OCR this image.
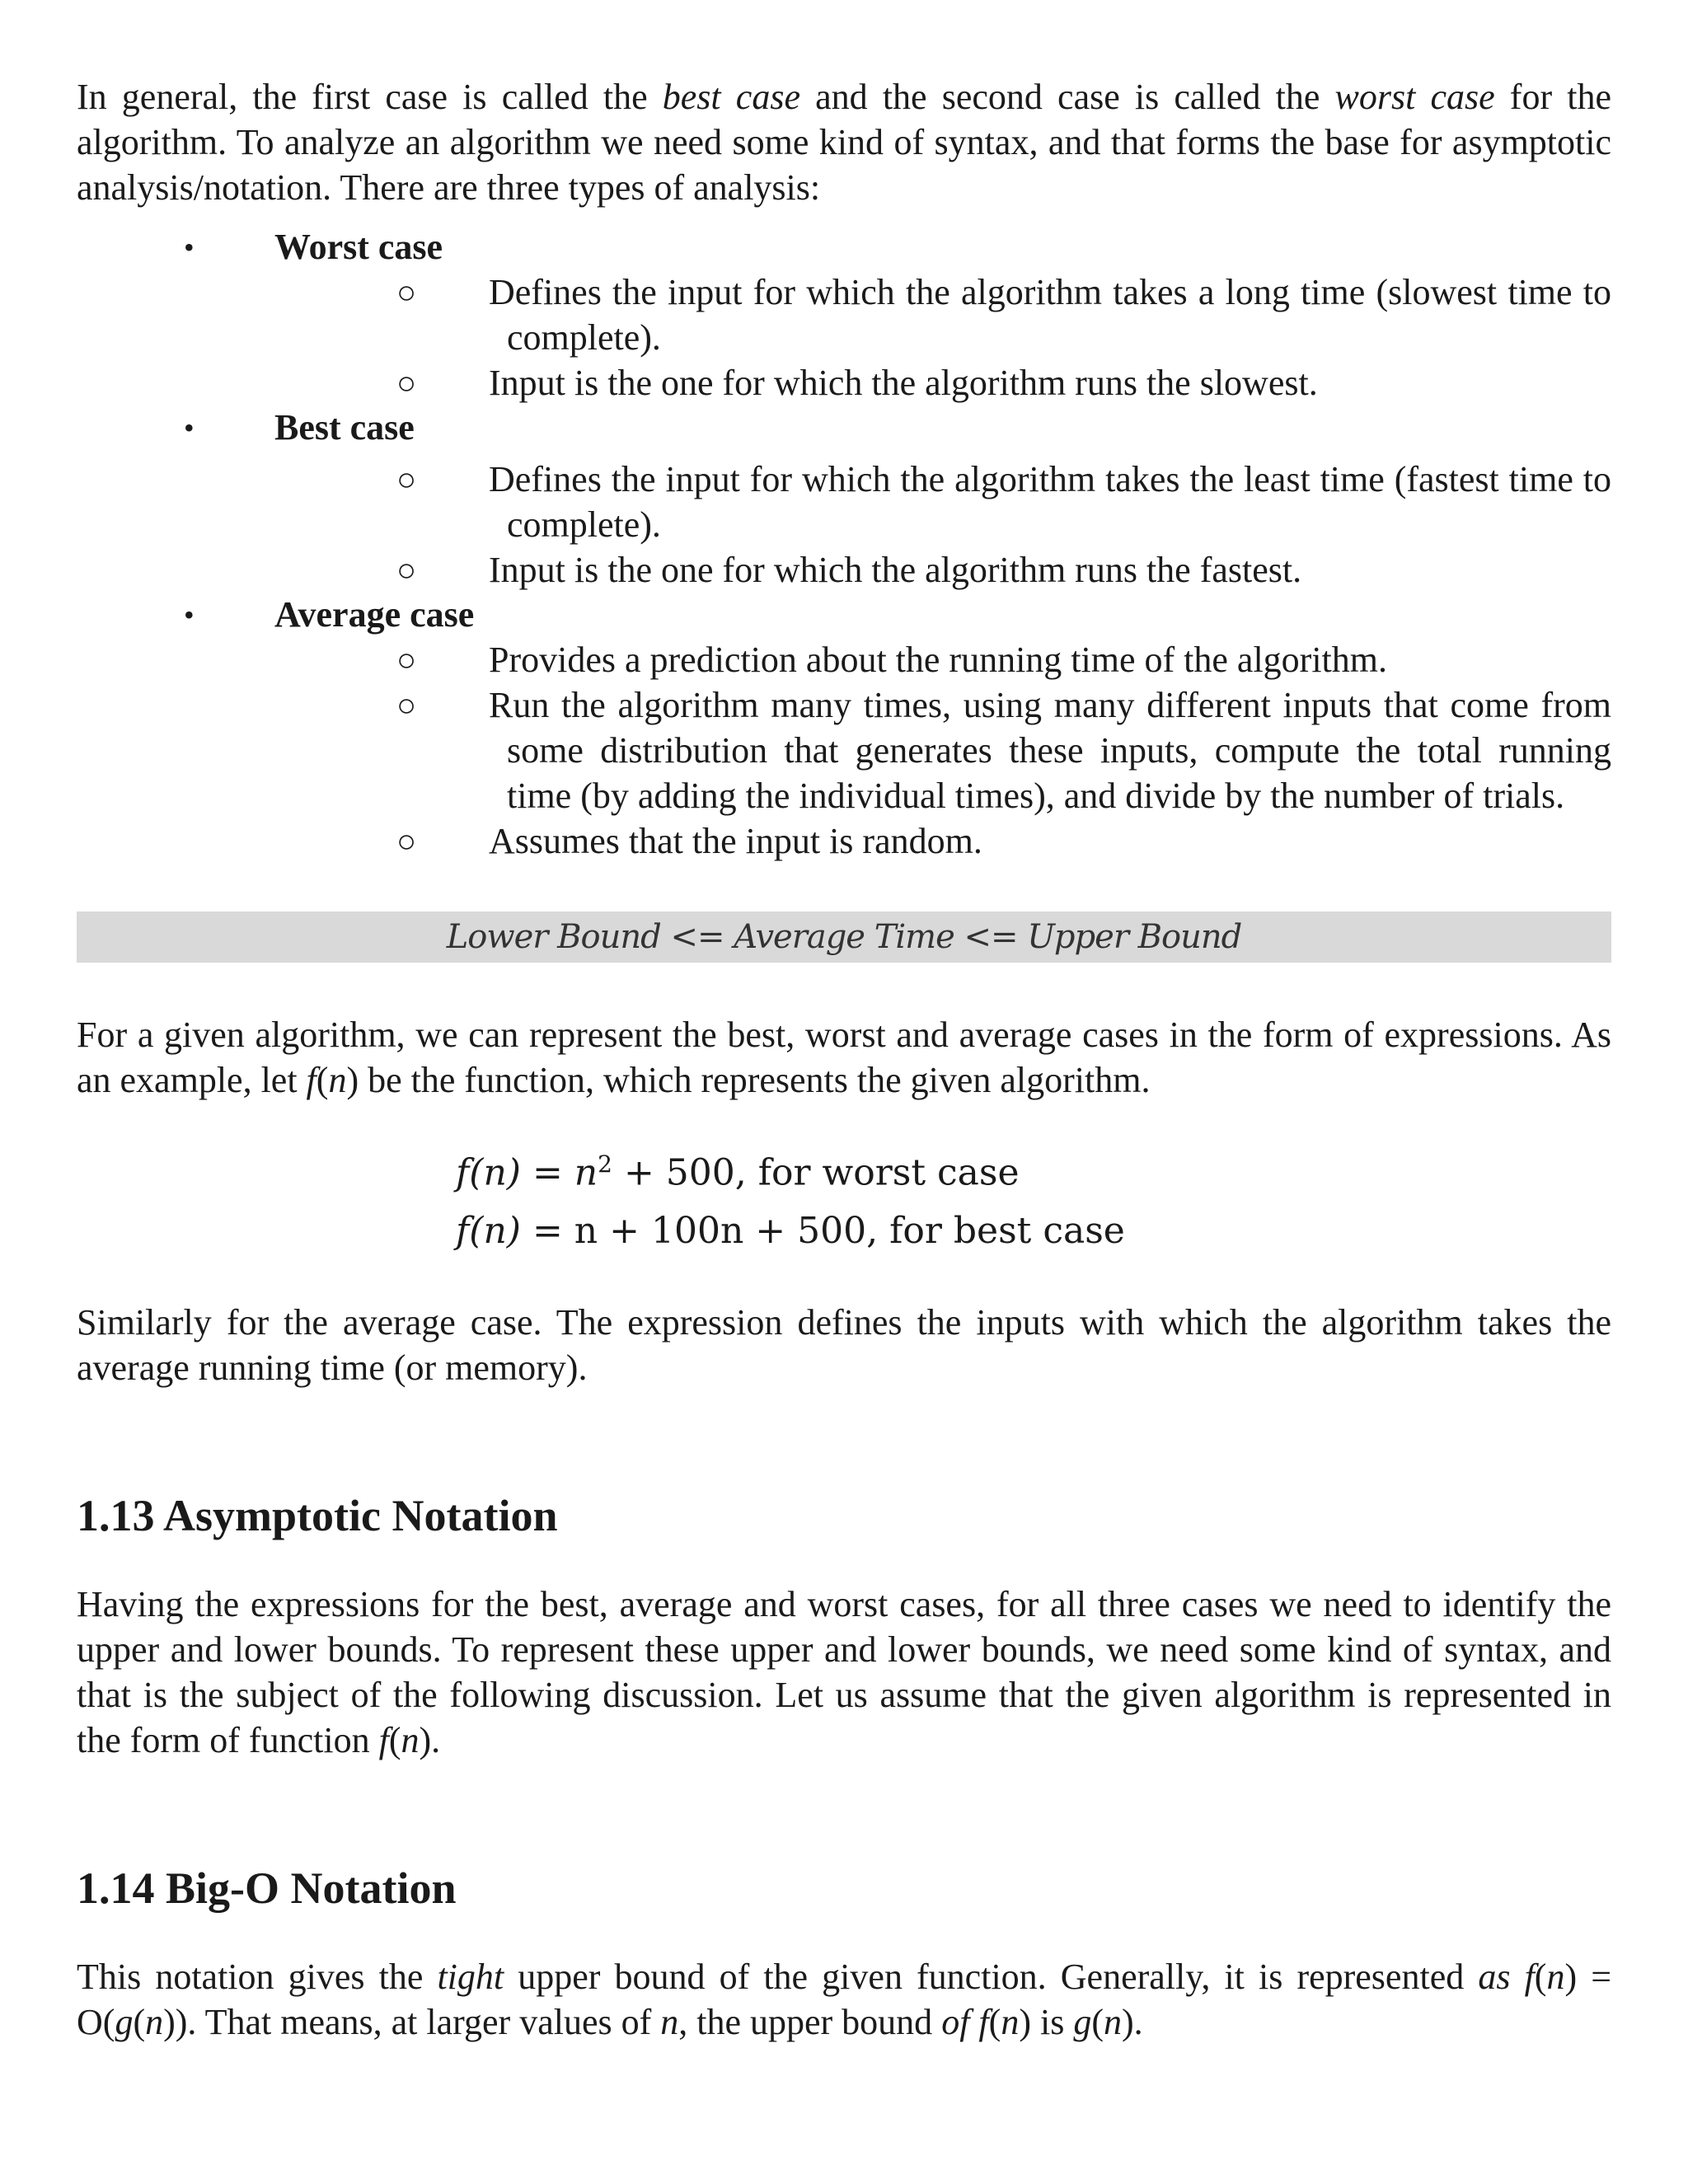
In general, the first case is called the best case and the second case is called the worst case for the algorithm. To analyze an algorithm we need some kind of syntax, and that forms the base for asymptotic analysis/notation. There are three types of analysis:

• Worst case
○ Defines the input for which the algorithm takes a long time (slowest time to complete).
○ Input is the one for which the algorithm runs the slowest.
• Best case
○ Defines the input for which the algorithm takes the least time (fastest time to complete).
○ Input is the one for which the algorithm runs the fastest.
• Average case
○ Provides a prediction about the running time of the algorithm.
○ Run the algorithm many times, using many different inputs that come from some distribution that generates these inputs, compute the total running time (by adding the individual times), and divide by the number of trials.
○ Assumes that the input is random.
Lower Bound <= Average Time <= Upper Bound

For a given algorithm, we can represent the best, worst and average cases in the form of expressions. As an example, let f(n) be the function, which represents the given algorithm.

$f(n) = n^2 + 500$, for worst case
f(n) = n + 100n + 500, for best case

Similarly for the average case. The expression defines the inputs with which the algorithm takes the average running time (or memory).

1.13 Asymptotic Notation

Having the expressions for the best, average and worst cases, for all three cases we need to identify the upper and lower bounds. To represent these upper and lower bounds, we need some kind of syntax, and that is the subject of the following discussion. Let us assume that the given algorithm is represented in the form of function f(n).

1.14 Big-O Notation

This notation gives the tight upper bound of the given function. Generally, it is represented as f(n) = O(g(n)). That means, at larger values of n, the upper bound of f(n) is g(n).
